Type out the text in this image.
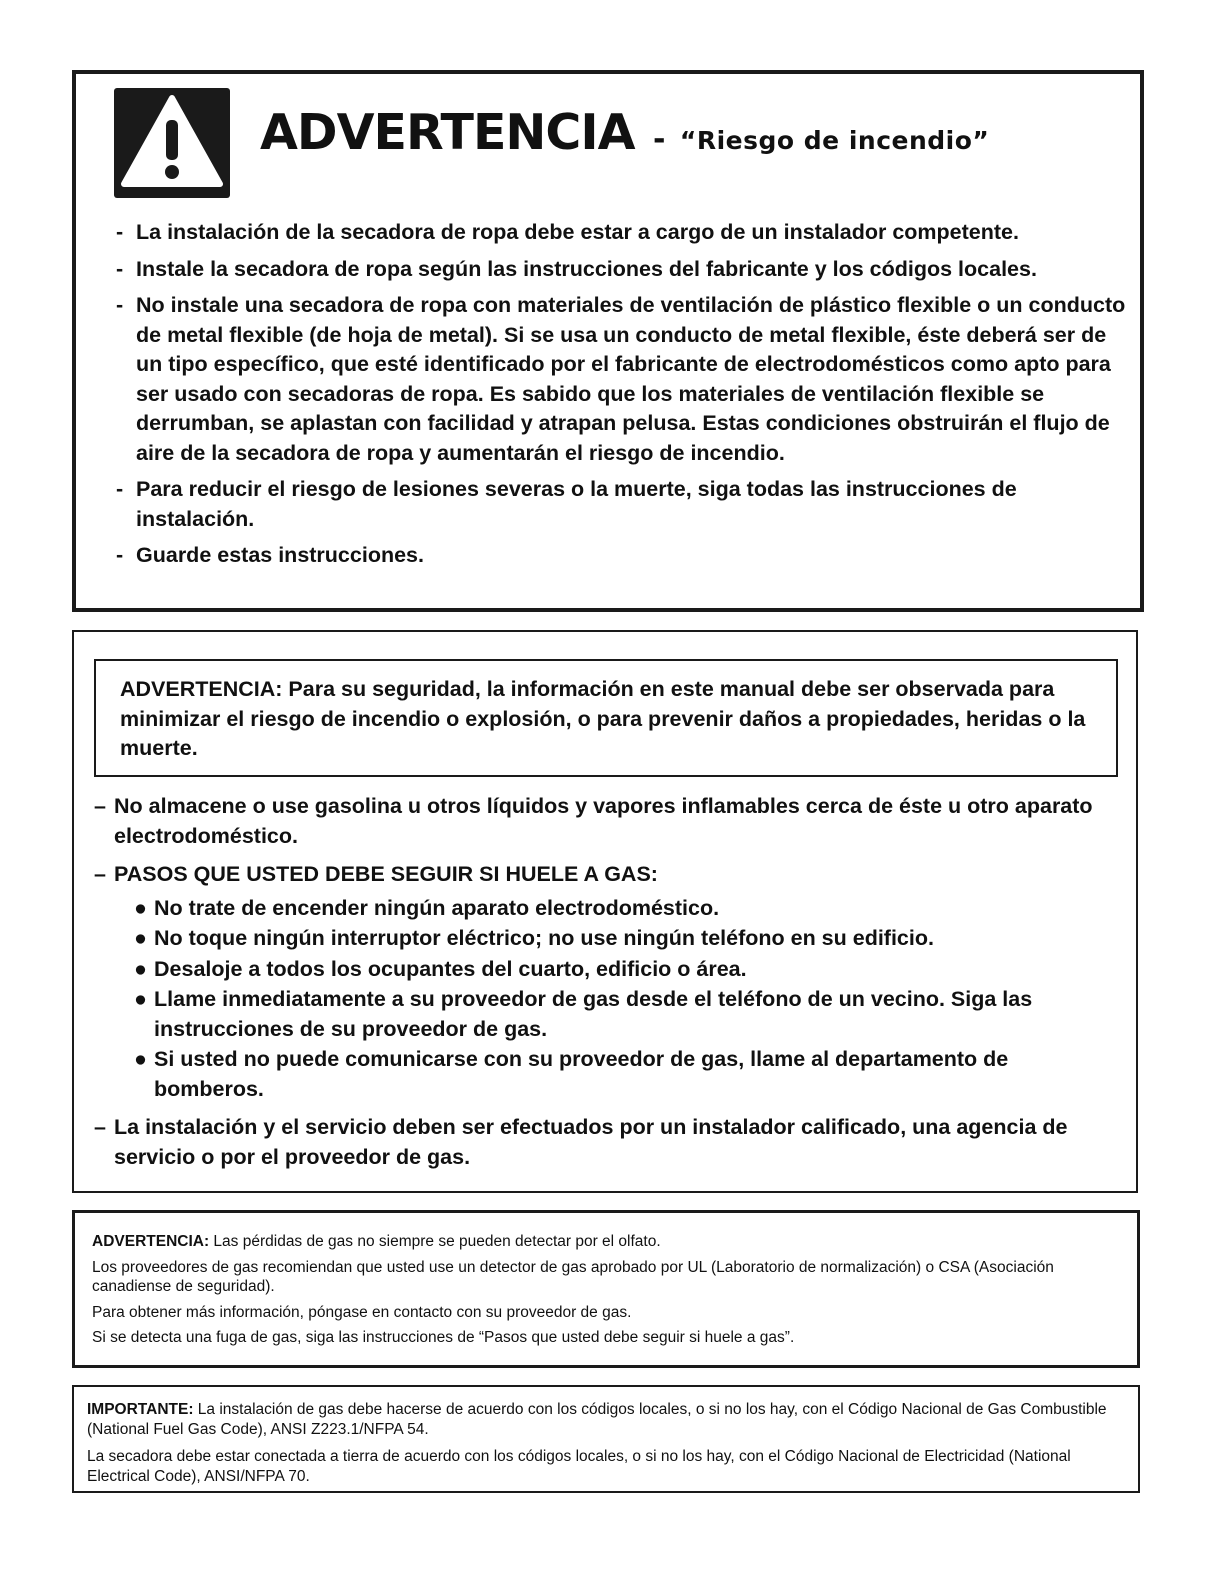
ADVERTENCIA - “Riesgo de incendio”
- La instalación de la secadora de ropa debe estar a cargo de un instalador competente.
- Instale la secadora de ropa según las instrucciones del fabricante y los códigos locales.
- No instale una secadora de ropa con materiales de ventilación de plástico flexible o un conducto de metal flexible (de hoja de metal). Si se usa un conducto de metal flexible, éste deberá ser de un tipo específico, que esté identificado por el fabricante de electrodomésticos como apto para ser usado con secadoras de ropa. Es sabido que los materiales de ventilación flexible se derrumban, se aplastan con facilidad y atrapan pelusa. Estas condiciones obstruirán el flujo de aire de la secadora de ropa y aumentarán el riesgo de incendio.
- Para reducir el riesgo de lesiones severas o la muerte, siga todas las instrucciones de instalación.
- Guarde estas instrucciones.
ADVERTENCIA: Para su seguridad, la información en este manual debe ser observada para minimizar el riesgo de incendio o explosión, o para prevenir daños a propiedades, heridas o la muerte.
– No almacene o use gasolina u otros líquidos y vapores inflamables cerca de éste u otro aparato electrodoméstico.
– PASOS QUE USTED DEBE SEGUIR SI HUELE A GAS:
● No trate de encender ningún aparato electrodoméstico.
● No toque ningún interruptor eléctrico; no use ningún teléfono en su edificio.
● Desaloje a todos los ocupantes del cuarto, edificio o área.
● Llame inmediatamente a su proveedor de gas desde el teléfono de un vecino. Siga las instrucciones de su proveedor de gas.
● Si usted no puede comunicarse con su proveedor de gas, llame al departamento de bomberos.
– La instalación y el servicio deben ser efectuados por un instalador calificado, una agencia de servicio o por el proveedor de gas.

ADVERTENCIA: Las pérdidas de gas no siempre se pueden detectar por el olfato.

Los proveedores de gas recomiendan que usted use un detector de gas aprobado por UL (Laboratorio de normalización) o CSA (Asociación canadiense de seguridad).

Para obtener más información, póngase en contacto con su proveedor de gas.

Si se detecta una fuga de gas, siga las instrucciones de “Pasos que usted debe seguir si huele a gas”.

IMPORTANTE: La instalación de gas debe hacerse de acuerdo con los códigos locales, o si no los hay, con el Código Nacional de Gas Combustible (National Fuel Gas Code), ANSI Z223.1/NFPA 54.

La secadora debe estar conectada a tierra de acuerdo con los códigos locales, o si no los hay, con el Código Nacional de Electricidad (National Electrical Code), ANSI/NFPA 70.
